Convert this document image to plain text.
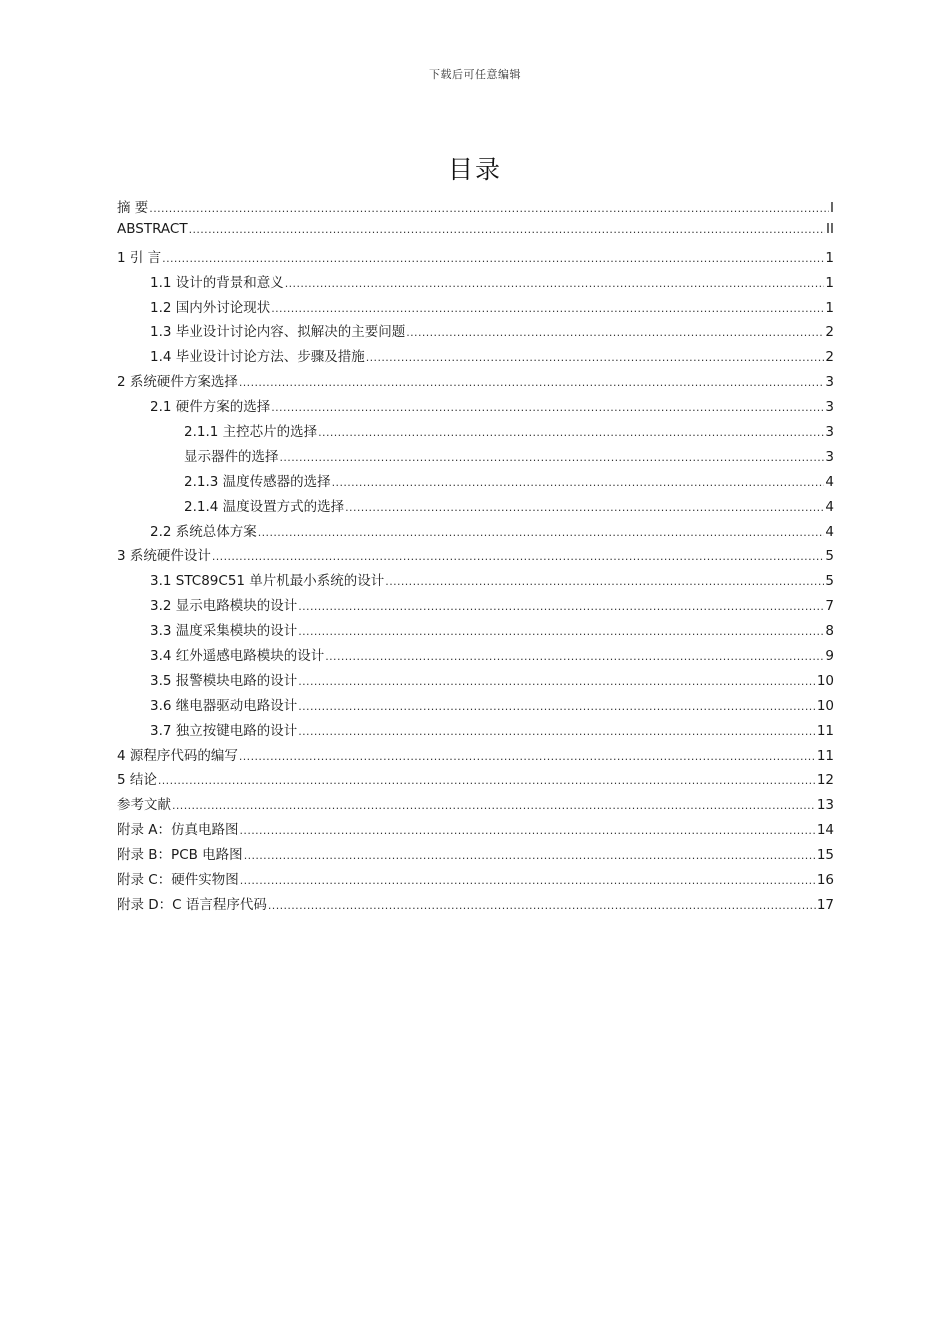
下载后可任意编辑
目录
摘 要 .....	I
ABSTRACT .....	II
1 引 言 .....	1
1.1 设计的背景和意义 .....	1
1.2 国内外讨论现状 .....	1
1.3 毕业设计讨论内容、拟解决的主要问题 .....	2
1.4 毕业设计讨论方法、步骤及措施 .....	2
2 系统硬件方案选择 .....	3
2.1 硬件方案的选择 .....	3
2.1.1 主控芯片的选择 .....	3
显示器件的选择 .....	3
2.1.3 温度传感器的选择 .....	4
2.1.4 温度设置方式的选择 .....	4
2.2 系统总体方案 .....	4
3 系统硬件设计 .....	5
3.1 STC89C51 单片机最小系统的设计 .....	5
3.2 显示电路模块的设计 .....	7
3.3 温度采集模块的设计 .....	8
3.4 红外遥感电路模块的设计 .....	9
3.5 报警模块电路的设计 .....	10
3.6 继电器驱动电路设计 .....	10
3.7 独立按键电路的设计 .....	11
4 源程序代码的编写 .....	11
5 结论 .....	12
参考文献 .....	13
附录 A：仿真电路图 .....	14
附录 B：PCB 电路图 .....	15
附录 C：硬件实物图 .....	16
附录 D：C 语言程序代码 .....	17
